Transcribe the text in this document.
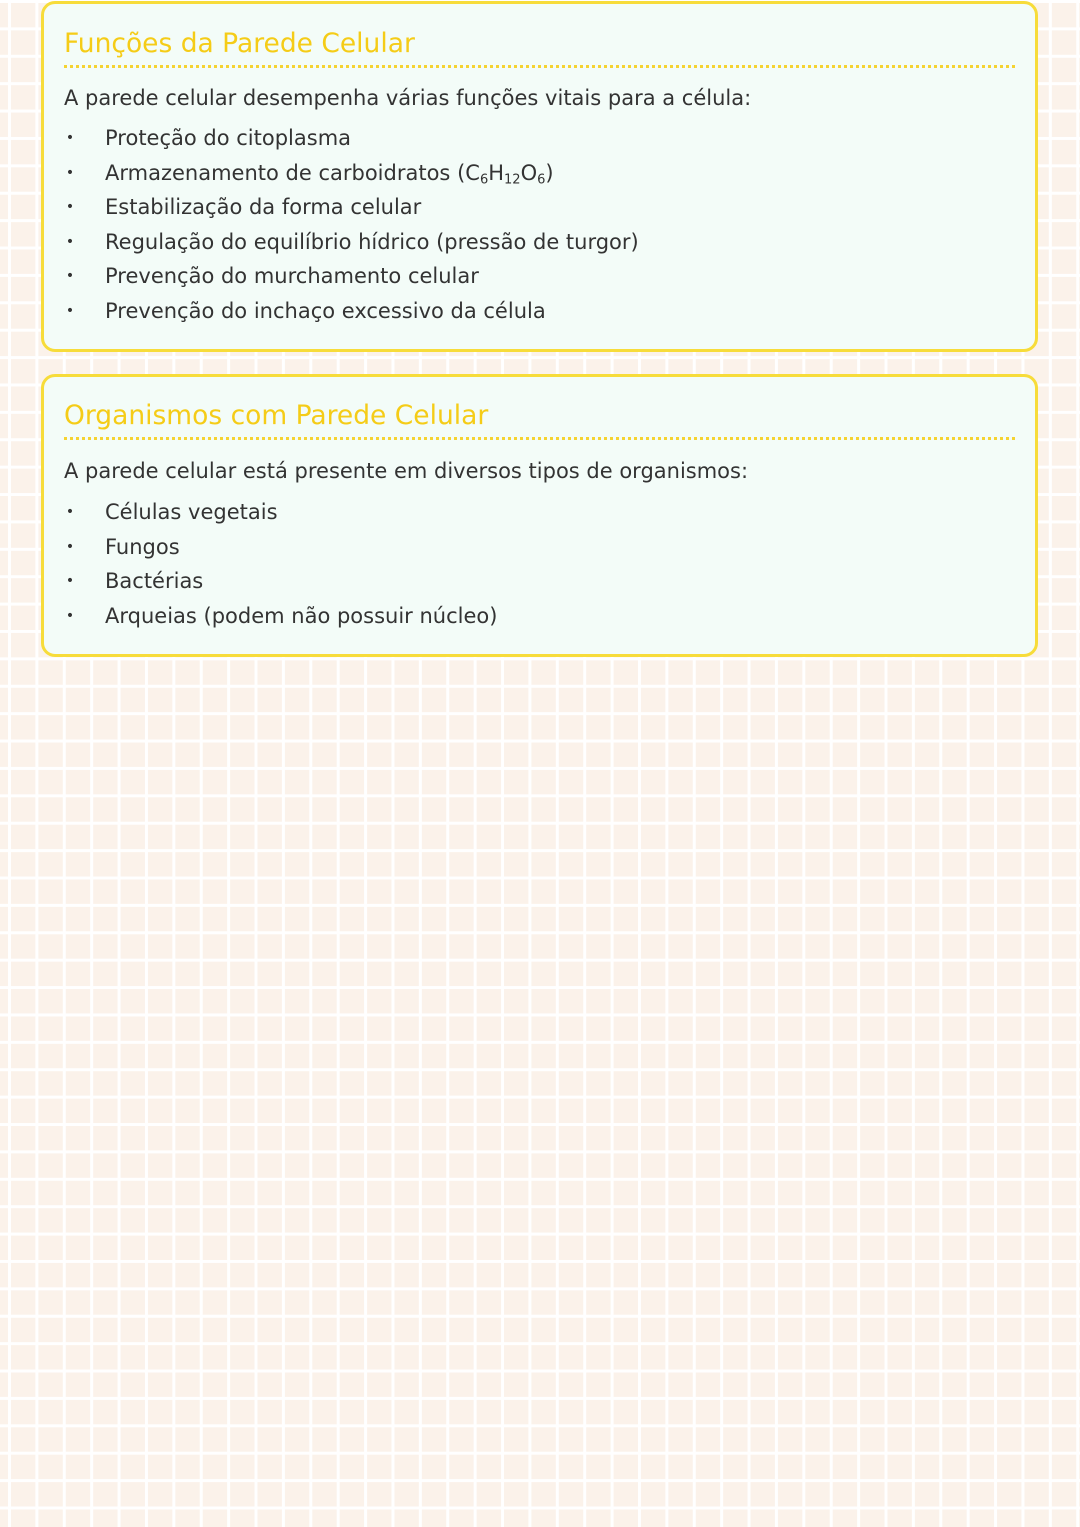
Funções da Parede Celular

A parede celular desempenha várias funções vitais para a célula:

• Proteção do citoplasma
• Armazenamento de carboidratos $(C_6H_{12}O_6)$
• Estabilização da forma celular
• Regulação do equilíbrio hídrico (pressão de turgor)
• Prevenção do murchamento celular
• Prevenção do inchaço excessivo da célula
Organismos com Parede Celular

A parede celular está presente em diversos tipos de organismos:

• Células vegetais
• Fungos
• Bactérias
• Arqueias (podem não possuir núcleo)
